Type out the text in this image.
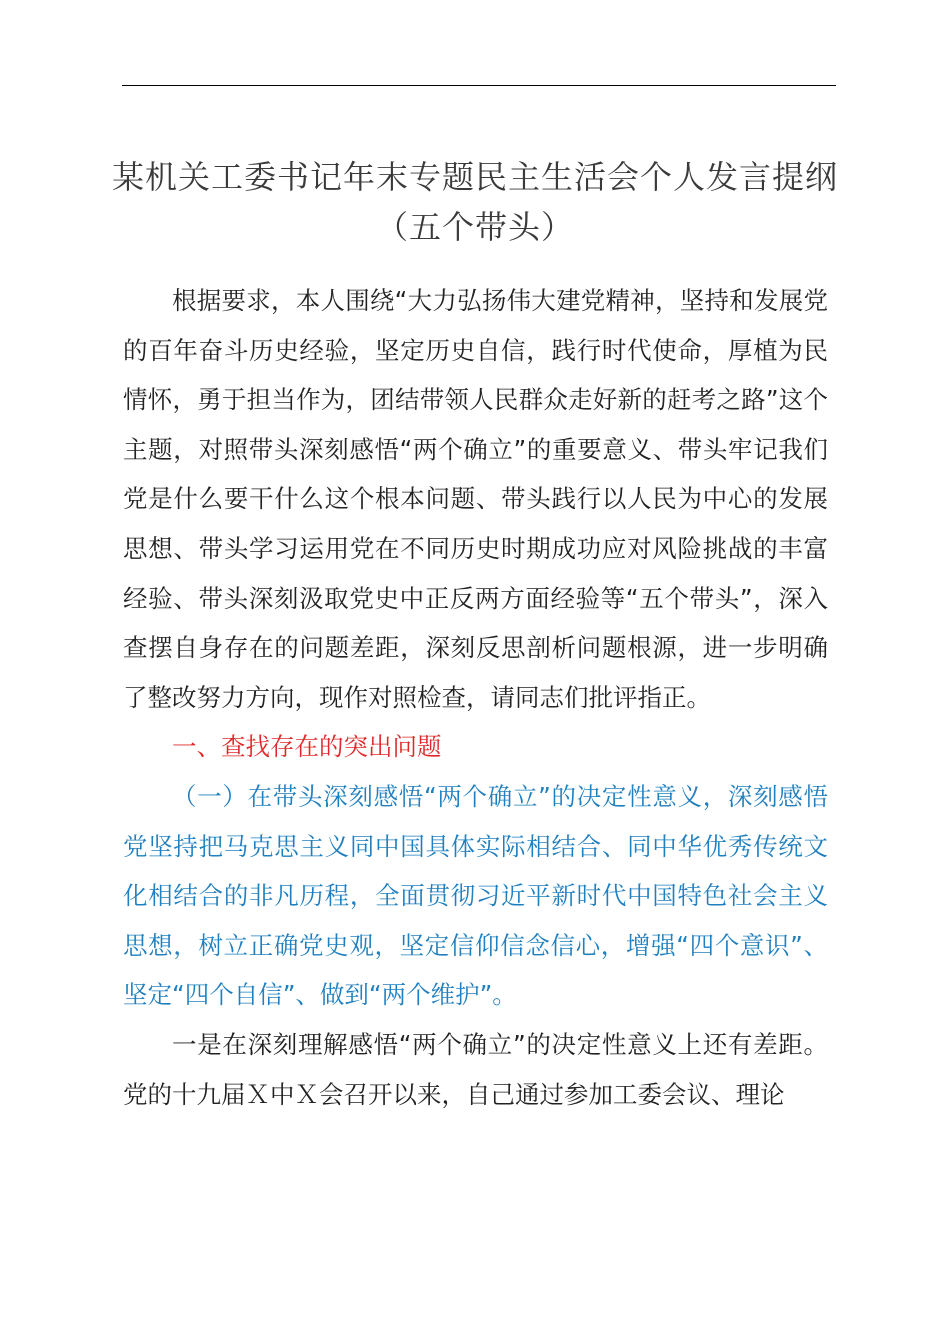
某机关工委书记年末专题民主生活会个人发言提纲（五个带头）

根据要求，本人围绕“大力弘扬伟大建党精神，坚持和发展党的百年奋斗历史经验，坚定历史自信，践行时代使命，厚植为民情怀，勇于担当作为，团结带领人民群众走好新的赶考之路”这个主题，对照带头深刻感悟“两个确立”的重要意义、带头牢记我们党是什么要干什么这个根本问题、带头践行以人民为中心的发展思想、带头学习运用党在不同历史时期成功应对风险挑战的丰富经验、带头深刻汲取党史中正反两方面经验等“五个带头”，深入查摆自身存在的问题差距，深刻反思剖析问题根源，进一步明确了整改努力方向，现作对照检查，请同志们批评指正。

一、查找存在的突出问题

（一）在带头深刻感悟“两个确立”的决定性意义，深刻感悟党坚持把马克思主义同中国具体实际相结合、同中华优秀传统文化相结合的非凡历程，全面贯彻习近平新时代中国特色社会主义思想，树立正确党史观，坚定信仰信念信心，增强“四个意识”、坚定“四个自信”、做到“两个维护”。

一是在深刻理解感悟“两个确立”的决定性意义上还有差距。党的十九届Ｘ中Ｘ会召开以来，自己通过参加工委会议、理论
